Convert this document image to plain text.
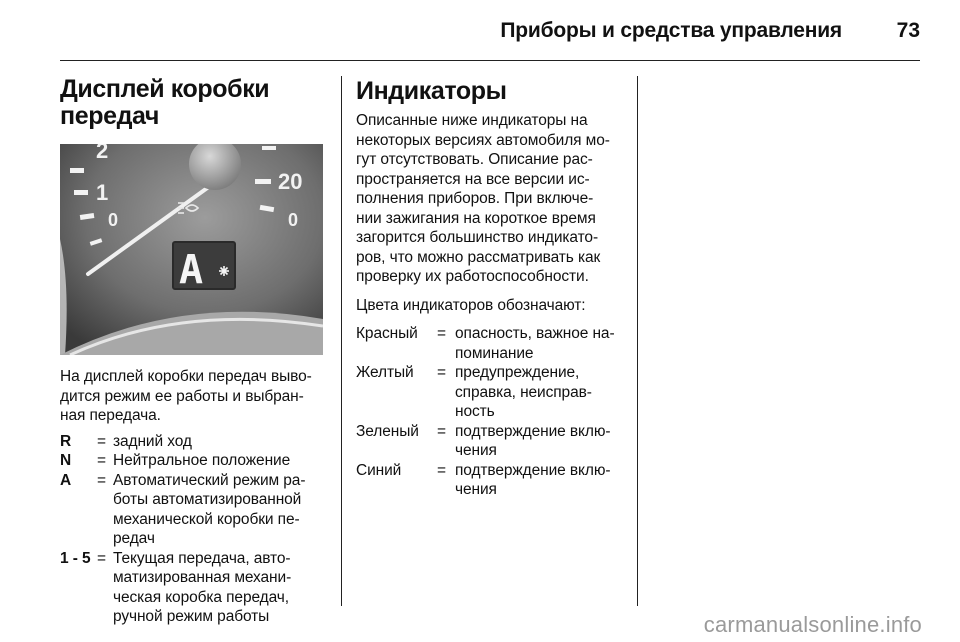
Приборы и средства управления	73
Дисплей коробки
передач
2
1
0
20
0
A

На дисплей коробки передач выво-
дится режим ее работы и выбран-
ная передача.

R	= задний ход
N	= Нейтральное положение
A	= Автоматический режим ра-
боты автоматизированной
механической коробки пе-
редач
1 - 5 = Текущая передача, авто-
матизированная механи-
ческая коробка передач,
ручной режим работы
Индикаторы

Описанные ниже индикаторы на
некоторых версиях автомобиля мо-
гут отсутствовать. Описание рас-
пространяется на все версии ис-
полнения приборов. При включе-
нии зажигания на короткое время
загорится большинство индикато-
ров, что можно рассматривать как
проверку их работоспособности.

Цвета индикаторов обозначают:

Красный	= опасность, важное на-
поминание
Желтый	= предупреждение,
справка, неисправ-
ность
Зеленый	= подтверждение вклю-
чения
Синий	= подтверждение вклю-
чения
carmanualsonline.info
